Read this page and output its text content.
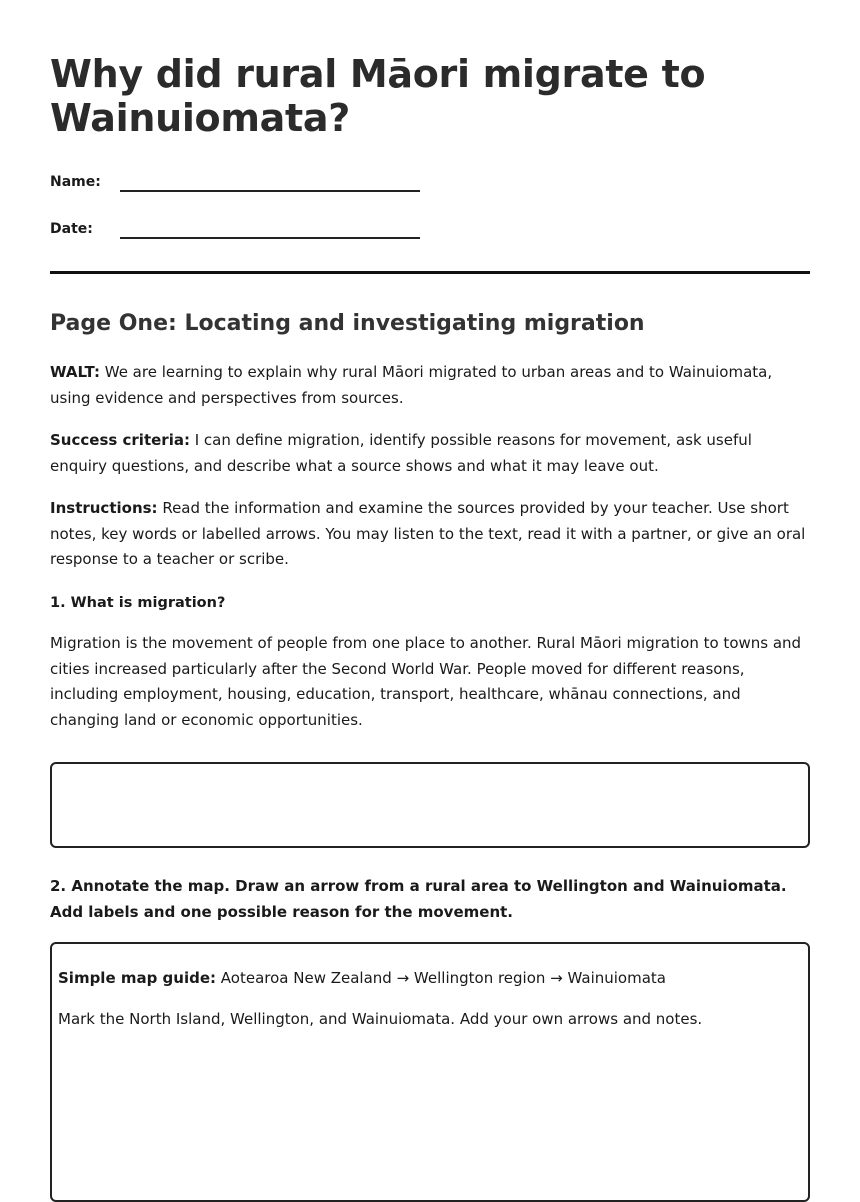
Why did rural Māori migrate to Wainuiomata?
Name:
Date:
Page One: Locating and investigating migration

WALT: We are learning to explain why rural Māori migrated to urban areas and to Wainuiomata, using evidence and perspectives from sources.

Success criteria: I can define migration, identify possible reasons for movement, ask useful enquiry questions, and describe what a source shows and what it may leave out.

Instructions: Read the information and examine the sources provided by your teacher. Use short notes, key words or labelled arrows. You may listen to the text, read it with a partner, or give an oral response to a teacher or scribe.

1. What is migration?

Migration is the movement of people from one place to another. Rural Māori migration to towns and cities increased particularly after the Second World War. People moved for different reasons, including employment, housing, education, transport, healthcare, whānau connections, and changing land or economic opportunities.

2. Annotate the map. Draw an arrow from a rural area to Wellington and Wainuiomata. Add labels and one possible reason for the movement.

Simple map guide: Aotearoa New Zealand → Wellington region → Wainuiomata

Mark the North Island, Wellington, and Wainuiomata. Add your own arrows and notes.
